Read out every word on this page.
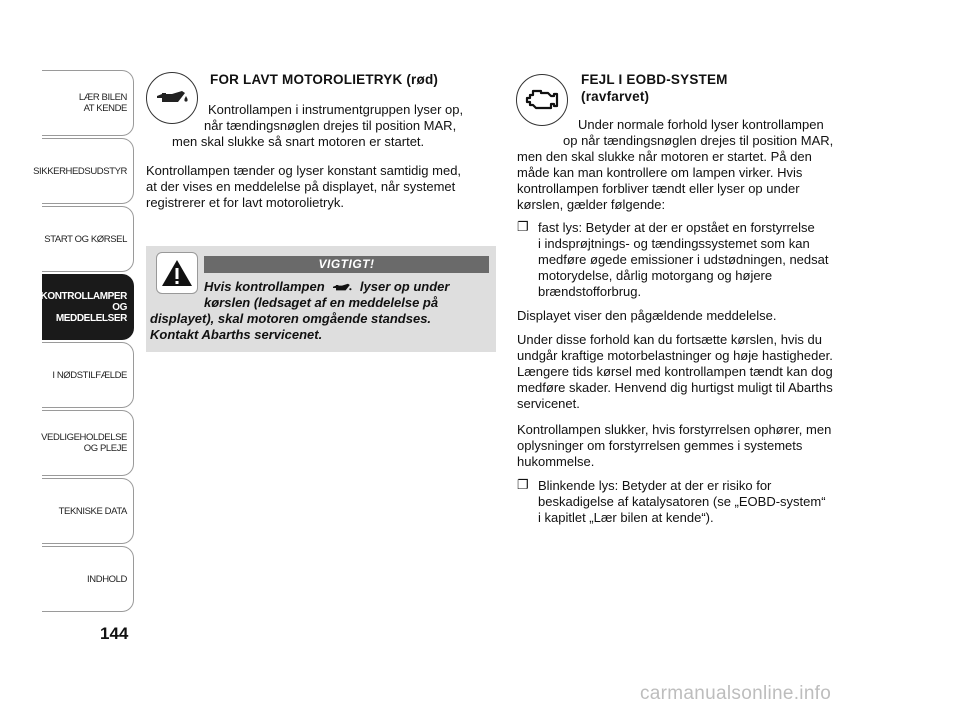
LÆR BILEN
AT KENDE
SIKKERHEDSUDSTYR
START OG KØRSEL
KONTROLLAMPER
OG MEDDELELSER
I NØDSTILFÆLDE
VEDLIGEHOLDELSE
OG PLEJE
TEKNISKE DATA
INDHOLD
144
FOR LAVT MOTOROLIETRYK (rød)
Kontrollampen i instrumentgruppen lyser op,
når tændingsnøglen drejes til position MAR,
men skal slukke så snart motoren er startet.
Kontrollampen tænder og lyser konstant samtidig med,
at der vises en meddelelse på displayet, når systemet
registrerer et for lavt motorolietryk.
VIGTIGT!
Hvis kontrollampen	lyser op under
kørslen (ledsaget af en meddelelse på
displayet), skal motoren omgående standses.
Kontakt Abarths servicenet.
FEJL I EOBD-SYSTEM
(ravfarvet)
Under normale forhold lyser kontrollampen
op når tændingsnøglen drejes til position MAR,
men den skal slukke når motoren er startet. På den
måde kan man kontrollere om lampen virker. Hvis
kontrollampen forbliver tændt eller lyser op under
kørslen, gælder følgende:
❐ fast lys: Betyder at der er opstået en forstyrrelse
i indsprøjtnings- og tændingssystemet som kan
medføre øgede emissioner i udstødningen, nedsat
motorydelse, dårlig motorgang og højere
brændstofforbrug.
Displayet viser den pågældende meddelelse.
Under disse forhold kan du fortsætte kørslen, hvis du
undgår kraftige motorbelastninger og høje hastigheder.
Længere tids kørsel med kontrollampen tændt kan dog
medføre skader. Henvend dig hurtigst muligt til Abarths
servicenet.
Kontrollampen slukker, hvis forstyrrelsen ophører, men
oplysninger om forstyrrelsen gemmes i systemets
hukommelse.
❐ Blinkende lys: Betyder at der er risiko for
beskadigelse af katalysatoren (se „EOBD-system“
i kapitlet „Lær bilen at kende“).
carmanualsonline.info
